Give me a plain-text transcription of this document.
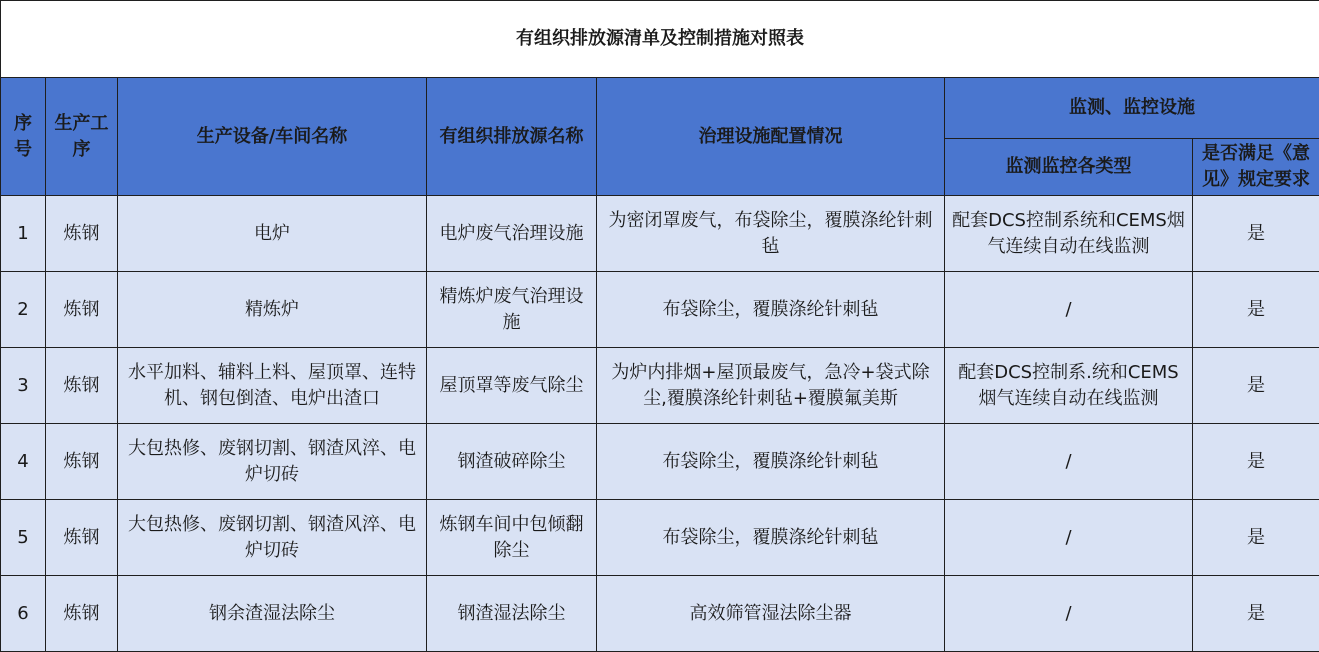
有组织排放源清单及控制措施对照表						
序号	生产工序	生产设备/车间名称	有组织排放源名称	治理设施配置情况	监测、监控设施	
					监测监控各类型	是否满足《意见》规定要求
1	炼钢	电炉	电炉废气治理设施	为密闭罩废气，布袋除尘，覆膜涤纶针刺毡	配套DCS控制系统和CEMS烟气连续自动在线监测	是
2	炼钢	精炼炉	精炼炉废气治理设施	布袋除尘，覆膜涤纶针刺毡	/	是
3	炼钢	水平加料、辅料上料、屋顶罩、连特机、钢包倒渣、电炉出渣口	屋顶罩等废气除尘	为炉内排烟+屋顶最废气，急冷+袋式除尘,覆膜涤纶针刺毡+覆膜氟美斯	配套DCS控制系.统和CEMS烟气连续自动在线监测	是
4	炼钢	大包热修、废钢切割、钢渣风淬、电炉切砖	钢渣破碎除尘	布袋除尘，覆膜涤纶针刺毡	/	是
5	炼钢	大包热修、废钢切割、钢渣风淬、电炉切砖	炼钢车间中包倾翻除尘	布袋除尘，覆膜涤纶针刺毡	/	是
6	炼钢	钢余渣湿法除尘	钢渣湿法除尘	高效筛管湿法除尘器	/	是
